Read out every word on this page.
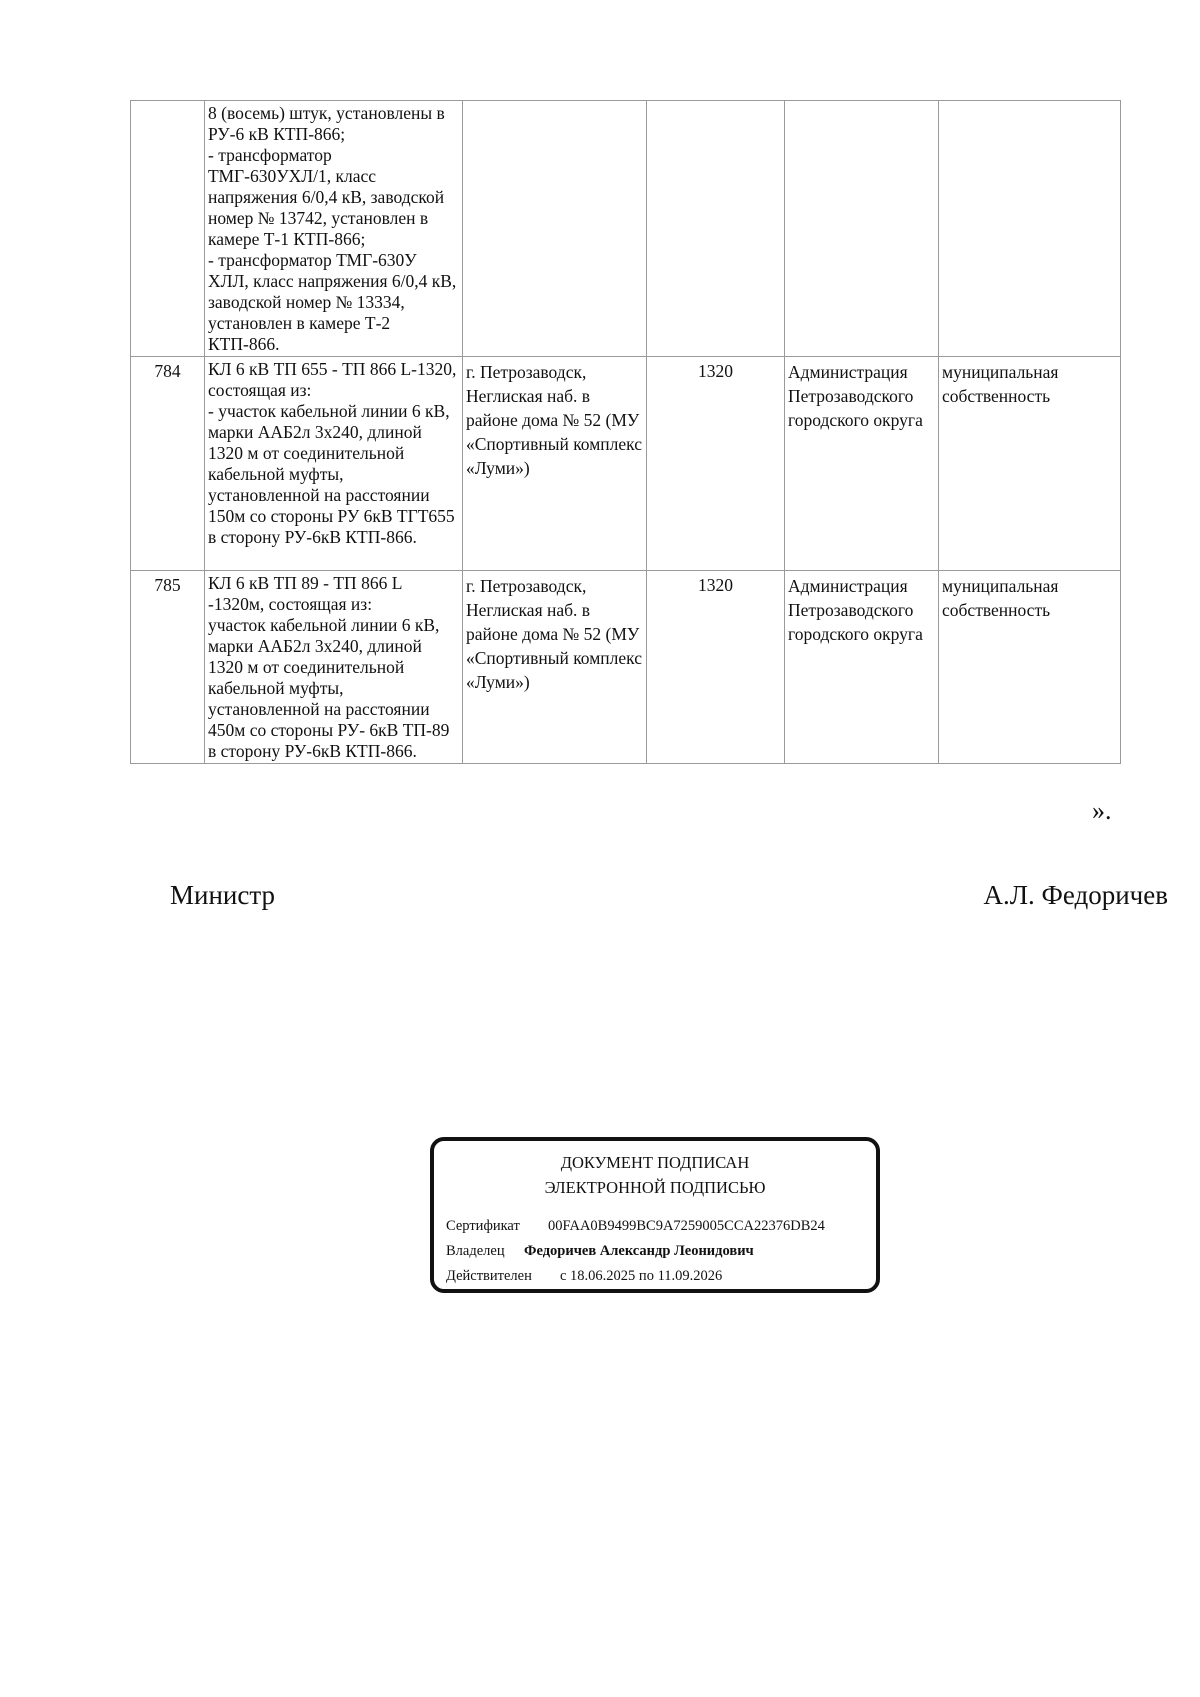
	8 (восемь) штук, установлены в РУ-6 кВ КТП-866;
- трансформатор ТМГ-630УХЛ/1, класс напряжения 6/0,4 кВ, заводской номер № 13742, установлен в камере Т-1 КТП-866;
- трансформатор ТМГ-630У ХЛЛ, класс напряжения 6/0,4 кВ, заводской номер № 13334, установлен в камере Т-2 КТП-866.				
784	КЛ 6 кВ ТП 655 - ТП 866 L-1320, состоящая из:
- участок кабельной линии 6 кВ, марки ААБ2л 3х240, длиной 1320 м от соединительной кабельной муфты, установленной на расстоянии 150м со стороны РУ 6кВ ТГТ655 в сторону РУ-6кВ КТП-866.	г. Петрозаводск, Неглиская наб. в районе дома № 52 (МУ «Спортивный комплекс «Луми»)	1320	Администрация Петрозаводского городского округа	муниципальная собственность
785	КЛ 6 кВ ТП 89 - ТП 866 L -1320м, состоящая из:
участок кабельной линии 6 кВ, марки ААБ2л 3х240, длиной 1320 м от соединительной кабельной муфты, установленной на расстоянии 450м со стороны РУ- 6кВ ТП-89 в сторону РУ-6кВ КТП-866.	г. Петрозаводск, Неглиская наб. в районе дома № 52 (МУ «Спортивный комплекс «Луми»)	1320	Администрация Петрозаводского городского округа	муниципальная собственность
».
Министр	А.Л. Федоричев
ДОКУМЕНТ ПОДПИСАН
ЭЛЕКТРОННОЙ ПОДПИСЬЮ
Сертификат 00FAA0B9499BC9A7259005CCA22376DB24
Владелец Федоричев Александр Леонидович
Действителен с 18.06.2025 по 11.09.2026
